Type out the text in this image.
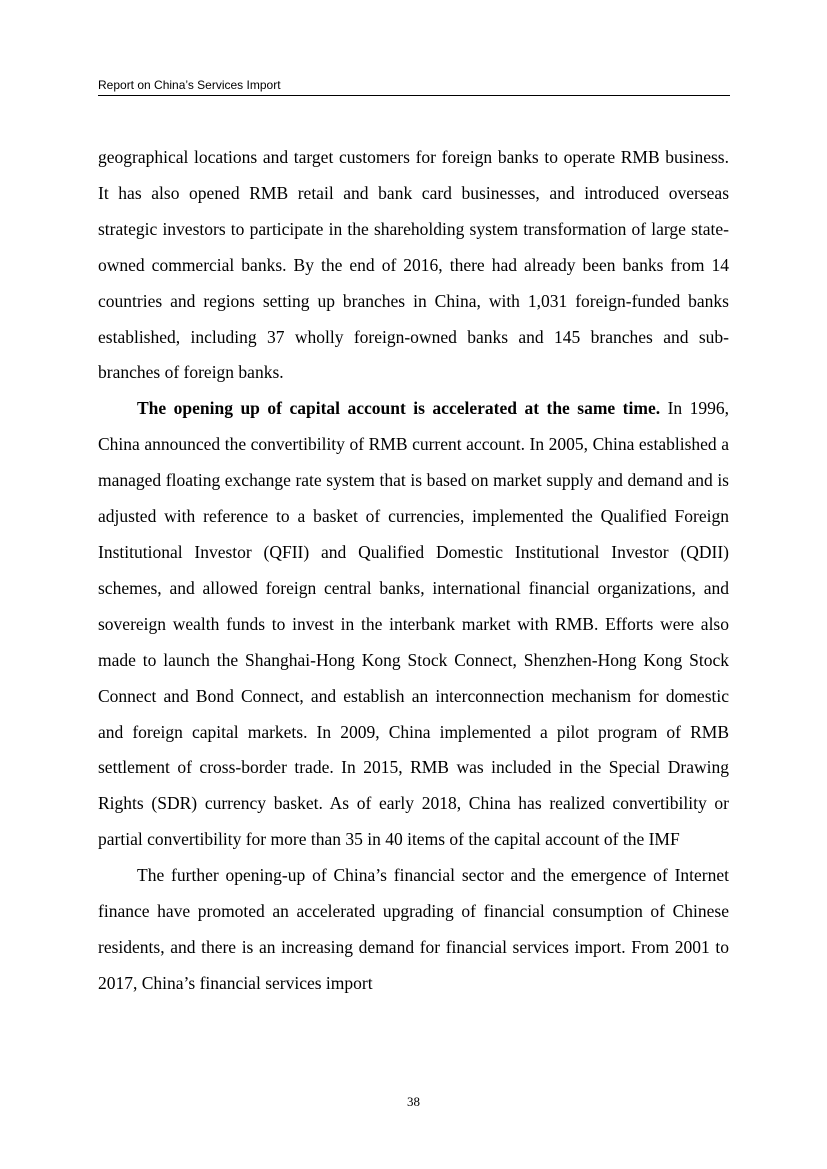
Report on China’s Services Import

geographical locations and target customers for foreign banks to operate RMB business. It has also opened RMB retail and bank card businesses, and introduced overseas strategic investors to participate in the shareholding system transformation of large state-owned commercial banks. By the end of 2016, there had already been banks from 14 countries and regions setting up branches in China, with 1,031 foreign-funded banks established, including 37 wholly foreign-owned banks and 145 branches and sub-branches of foreign banks.

The opening up of capital account is accelerated at the same time. In 1996, China announced the convertibility of RMB current account. In 2005, China established a managed floating exchange rate system that is based on market supply and demand and is adjusted with reference to a basket of currencies, implemented the Qualified Foreign Institutional Investor (QFII) and Qualified Domestic Institutional Investor (QDII) schemes, and allowed foreign central banks, international financial organizations, and sovereign wealth funds to invest in the interbank market with RMB. Efforts were also made to launch the Shanghai-Hong Kong Stock Connect, Shenzhen-Hong Kong Stock Connect and Bond Connect, and establish an interconnection mechanism for domestic and foreign capital markets. In 2009, China implemented a pilot program of RMB settlement of cross-border trade. In 2015, RMB was included in the Special Drawing Rights (SDR) currency basket. As of early 2018, China has realized convertibility or partial convertibility for more than 35 in 40 items of the capital account of the IMF

The further opening-up of China’s financial sector and the emergence of Internet finance have promoted an accelerated upgrading of financial consumption of Chinese residents, and there is an increasing demand for financial services import. From 2001 to 2017, China’s financial services import

38
